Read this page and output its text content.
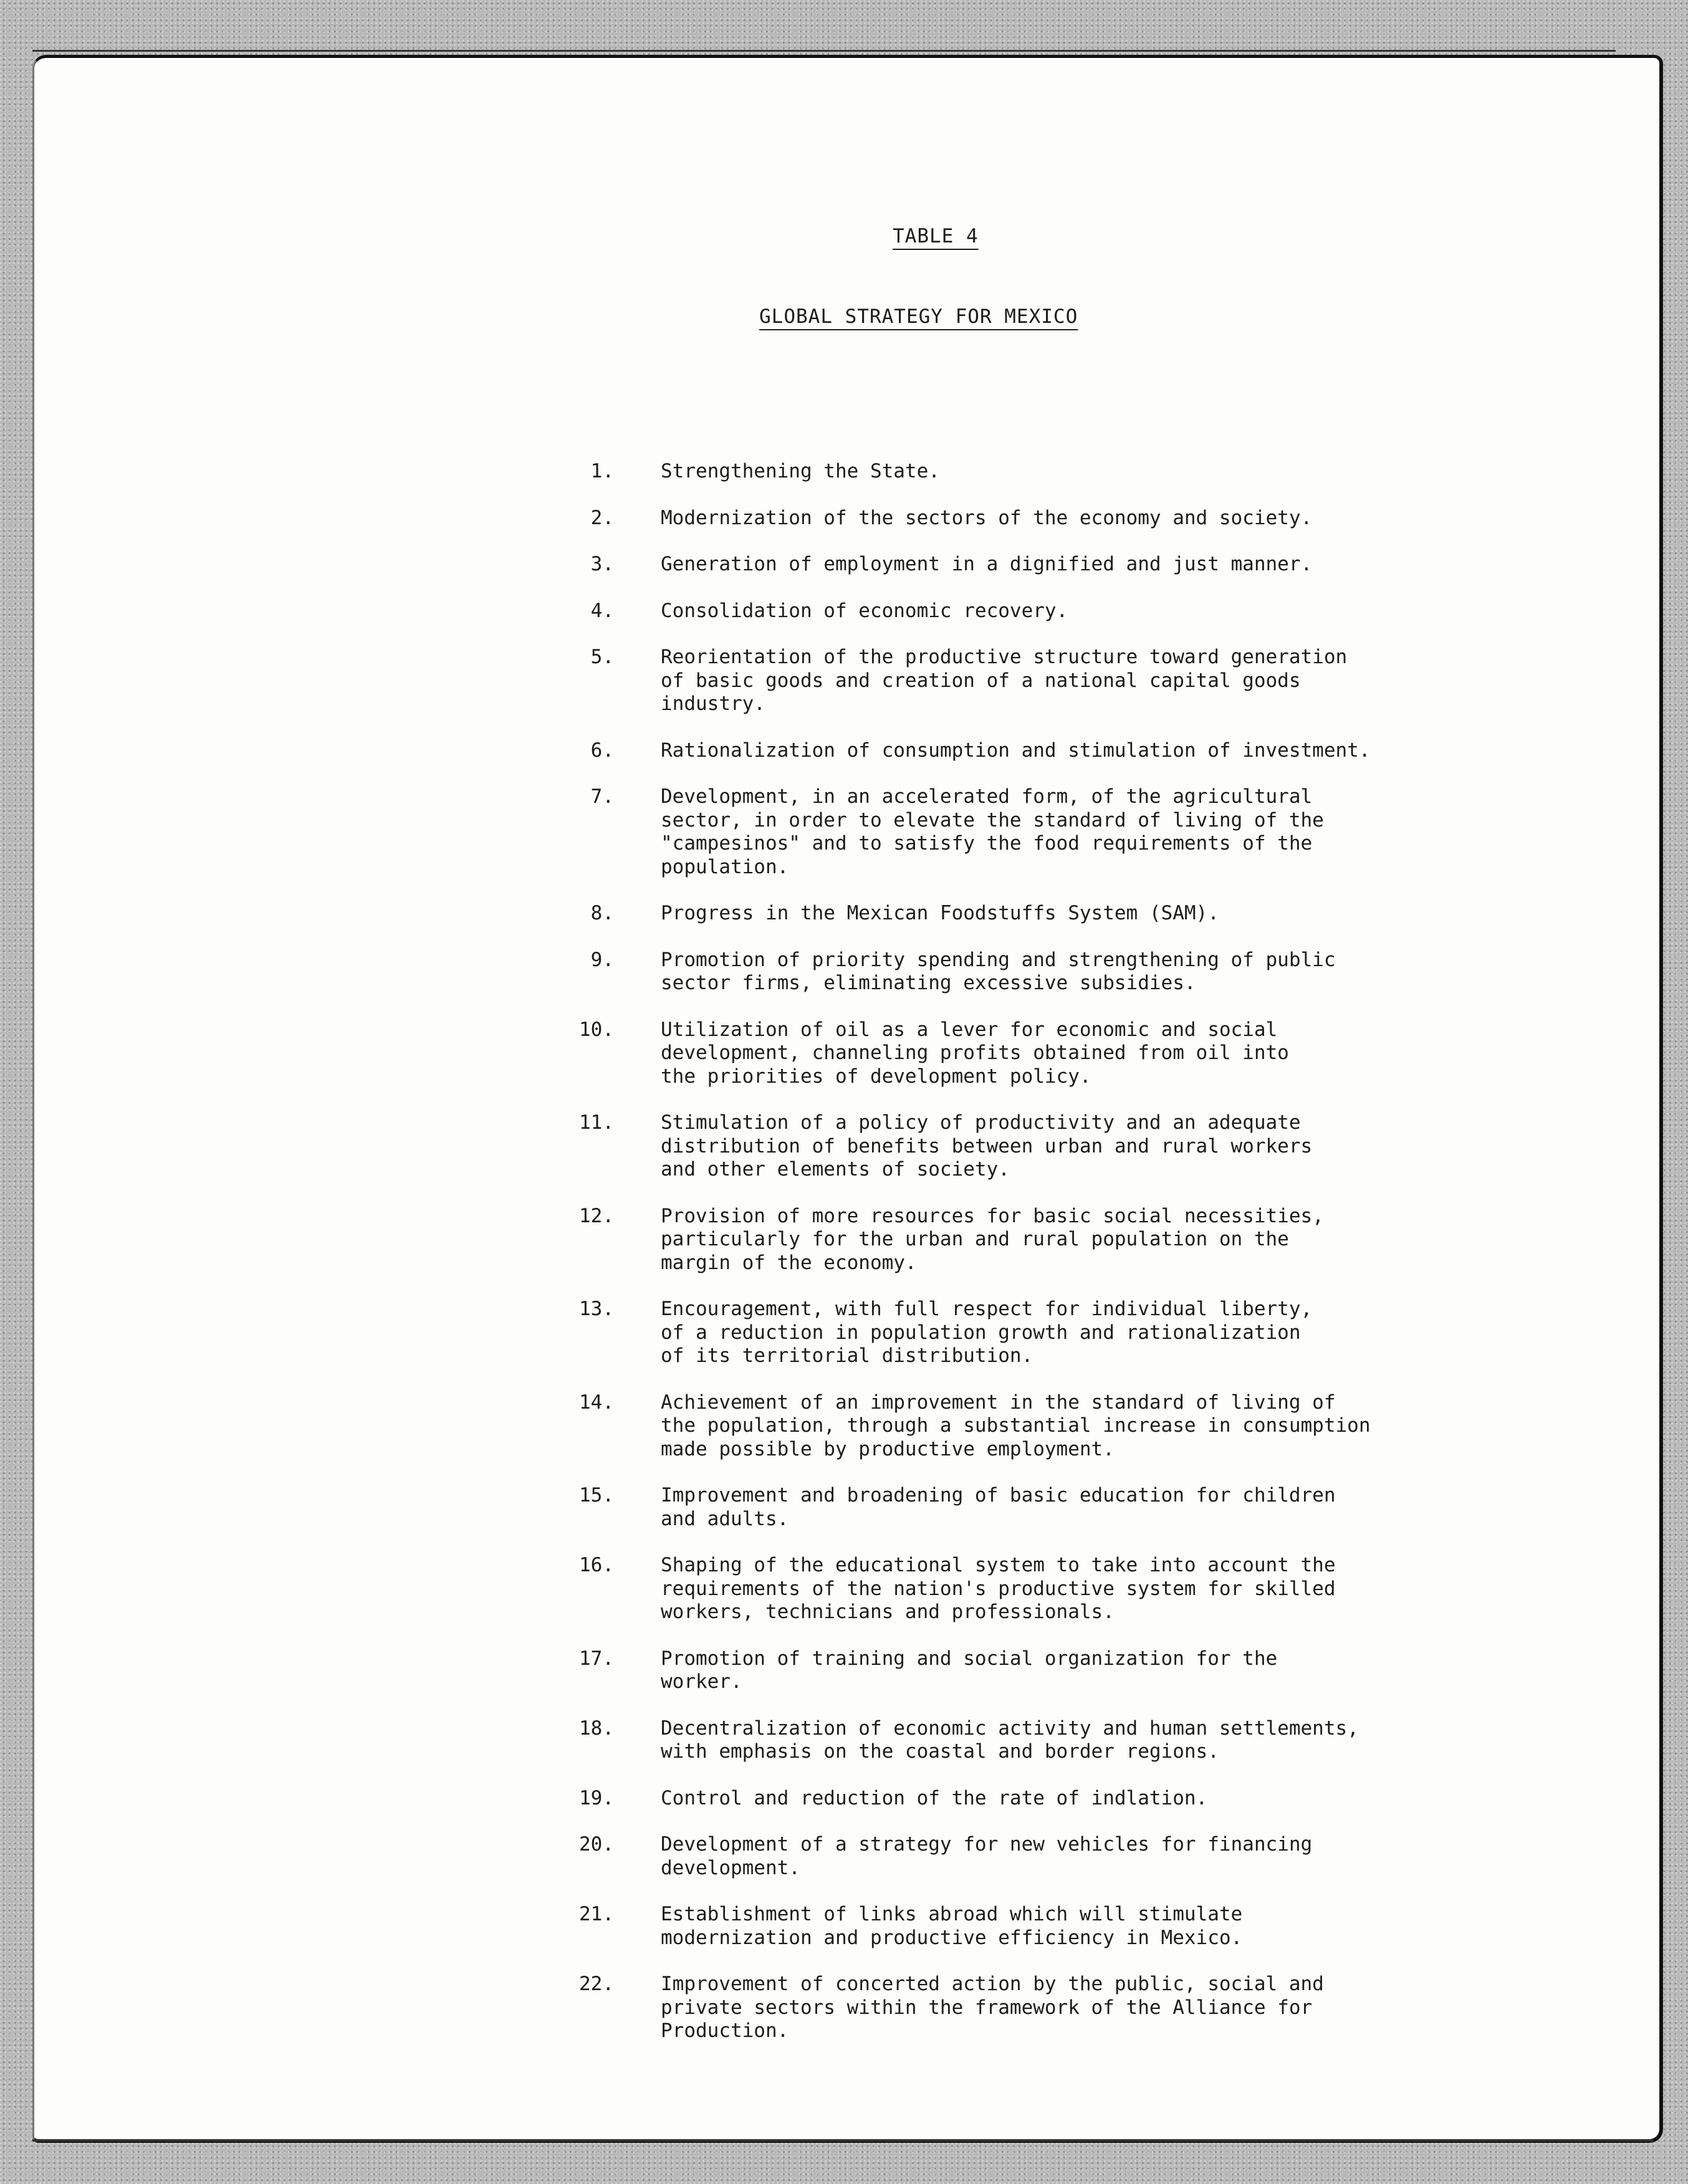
TABLE 4
GLOBAL STRATEGY FOR MEXICO
1. Strengthening the State.
2. Modernization of the sectors of the economy and society.
3. Generation of employment in a dignified and just manner.
4. Consolidation of economic recovery.
5. Reorientation of the productive structure toward generation
of basic goods and creation of a national capital goods
industry.
6. Rationalization of consumption and stimulation of investment.
7. Development, in an accelerated form, of the agricultural
sector, in order to elevate the standard of living of the
"campesinos" and to satisfy the food requirements of the
population.
8. Progress in the Mexican Foodstuffs System (SAM).
9. Promotion of priority spending and strengthening of public
sector firms, eliminating excessive subsidies.
10. Utilization of oil as a lever for economic and social
development, channeling profits obtained from oil into
the priorities of development policy.
11. Stimulation of a policy of productivity and an adequate
distribution of benefits between urban and rural workers
and other elements of society.
12. Provision of more resources for basic social necessities,
particularly for the urban and rural population on the
margin of the economy.
13. Encouragement, with full respect for individual liberty,
of a reduction in population growth and rationalization
of its territorial distribution.
14. Achievement of an improvement in the standard of living of
the population, through a substantial increase in consumption
made possible by productive employment.
15. Improvement and broadening of basic education for children
and adults.
16. Shaping of the educational system to take into account the
requirements of the nation's productive system for skilled
workers, technicians and professionals.
17. Promotion of training and social organization for the
worker.
18. Decentralization of economic activity and human settlements,
with emphasis on the coastal and border regions.
19. Control and reduction of the rate of indlation.
20. Development of a strategy for new vehicles for financing
development.
21. Establishment of links abroad which will stimulate
modernization and productive efficiency in Mexico.
22. Improvement of concerted action by the public, social and
private sectors within the framework of the Alliance for
Production.
